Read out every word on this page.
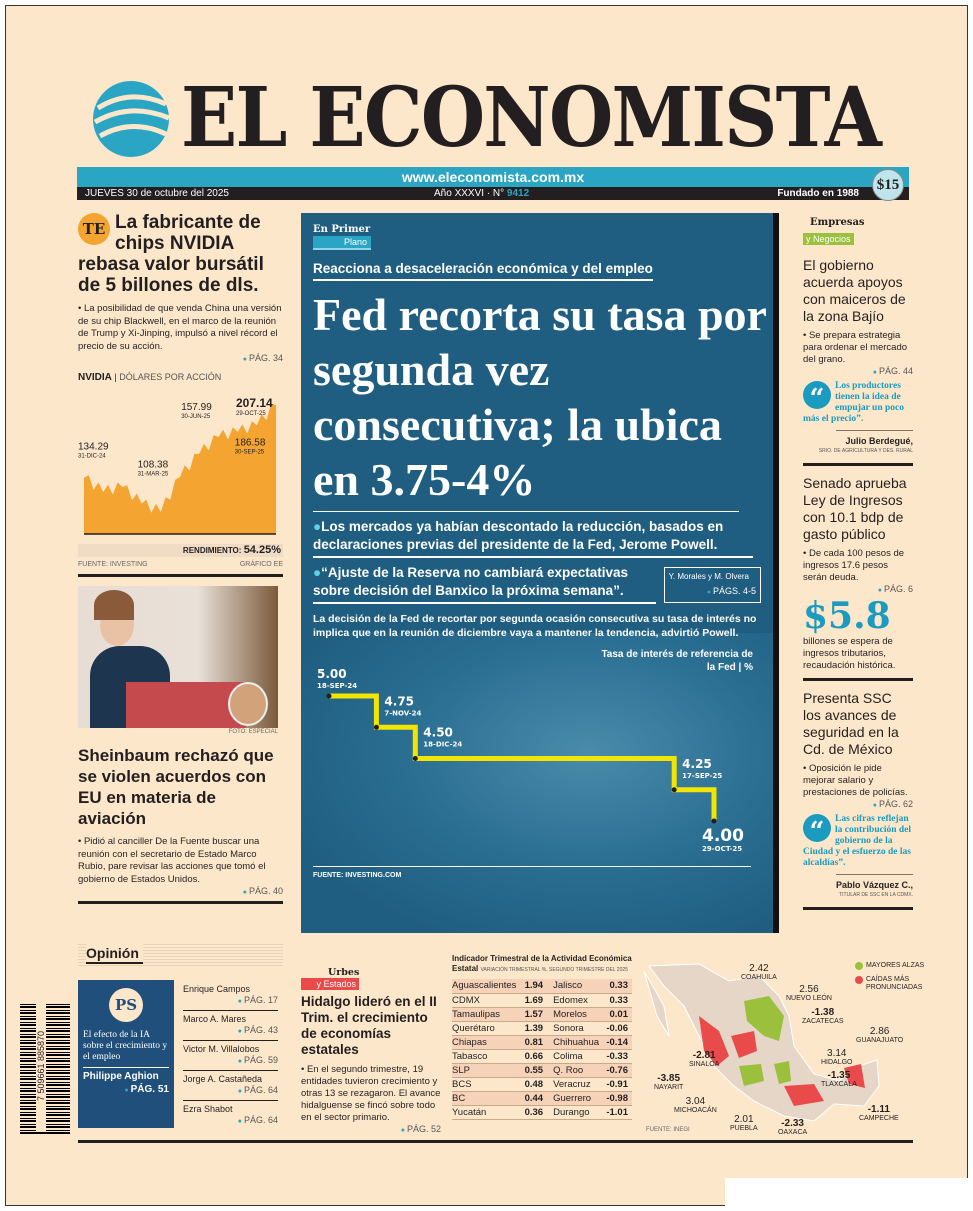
EL ECONOMISTA
www.eleconomista.com.mx
JUEVES 30 de octubre del 2025	Año XXXVI · N° 9412	Fundado en 1988
$15
TE La fabricante de chips NVIDIA rebasa valor bursátil de 5 billones de dls.
• La posibilidad de que venda China una versión de su chip Blackwell, en el marco de la reunión de Trump y Xi-Jinping, impulsó a nivel récord el precio de su acción.
● PÁG. 34
NVIDIA | DÓLARES POR ACCIÓN
134.29
31-DIC-24
108.38
31-MAR-25
157.99
30-JUN-25
186.58
30-SEP-25
207.14
29-OCT-25
RENDIMIENTO: 54.25%
FUENTE: INVESTING	GRÁFICO EE
FOTO: ESPECIAL
Sheinbaum rechazó que se violen acuerdos con EU en materia de aviación
• Pidió al canciller De la Fuente buscar una reunión con el secretario de Estado Marco Rubio, pare revisar las acciones que tomó el gobierno de Estados Unidos.
● PÁG. 40
En Primer
Plano
Reacciona a desaceleración económica y del empleo
Fed recorta su tasa por segunda vez consecutiva; la ubica en 3.75-4%
●Los mercados ya habían descontado la reducción, basados en declaraciones previas del presidente de la Fed, Jerome Powell.
●“Ajuste de la Reserva no cambiará expectativas sobre decisión del Banxico la próxima semana”.
Y. Morales y M. Olvera
● PÁGS. 4-5
La decisión de la Fed de recortar por segunda ocasión consecutiva su tasa de interés no implica que en la reunión de diciembre vaya a mantener la tendencia, advirtió Powell.
Tasa de interés de referencia de la Fed | %
5.00
18-SEP-24
4.75
7-NOV-24
4.50
18-DIC-24
4.25
17-SEP-25
4.00
29-OCT-25
FUENTE: INVESTING.COM
Empresas
y Negocios
El gobierno acuerda apoyos con maiceros de la zona Bajío
• Se prepara estrategia para ordenar el mercado del grano.
● PÁG. 44
“	Los productores tienen la idea de empujar un poco más el precio”.
Julio Berdegué,
SRIO. DE AGRICULTURA Y DES. RURAL
Senado aprueba Ley de Ingresos con 10.1 bdp de gasto público
• De cada 100 pesos de ingresos 17.6 pesos serán deuda.
● PÁG. 6
$5.8
billones se espera de ingresos tributarios, recaudación histórica.
Presenta SSC los avances de seguridad en la Cd. de México
• Oposición le pide mejorar salario y prestaciones de policías.
● PÁG. 62
“	Las cifras reflejan la contribución del gobierno de la Ciudad y el esfuerzo de las alcaldías”.
Pablo Vázquez C.,
TITULAR DE SSC EN LA CDMX.
Opinión
PS
El efecto de la IA sobre el crecimiento y el empleo
Philippe Aghion
● PÁG. 51
Enrique Campos
● PÁG. 17
Marco A. Mares
● PÁG. 43
Victor M. Villalobos
● PÁG. 59
Jorge A. Castañeda
● PÁG. 64
Ezra Shabot
● PÁG. 64
Urbes
y Estados
Hidalgo lideró en el II Trim. el crecimiento de economías estatales
• En el segundo trimestre, 19 entidades tuvieron crecimiento y otras 13 se rezagaron. El avance hidalguense se fincó sobre todo en el sector primario.
● PÁG. 52
Indicador Trimestral de la Actividad Económica
Estatal VARIACIÓN TRIMESTRAL %, SEGUNDO TRIMESTRE DEL 2025
Aguascalientes	1.94	Jalisco	0.33
CDMX	1.69	Edomex	0.33
Tamaulipas	1.57	Morelos	0.01
Querétaro	1.39	Sonora	-0.06
Chiapas	0.81	Chihuahua	-0.14
Tabasco	0.66	Colima	-0.33
SLP	0.55	Q. Roo	-0.76
BCS	0.48	Veracruz	-0.91
BC	0.44	Guerrero	-0.98
Yucatán	0.36	Durango	-1.01
MAYORES ALZAS
CAÍDAS MÁS PRONUNCIADAS
2.42
COAHUILA
2.56
NUEVO LEÓN
-1.38
ZACATECAS
2.86
GUANAJUATO
-2.81
SINALOA
3.14
HIDALGO
-1.35
TLAXCALA
-3.85
NAYARIT
3.04
MICHOACÁN
2.01
PUEBLA	-2.33
OAXACA
-1.11
CAMPECHE
FUENTE: INEGI
7 509661 885870
